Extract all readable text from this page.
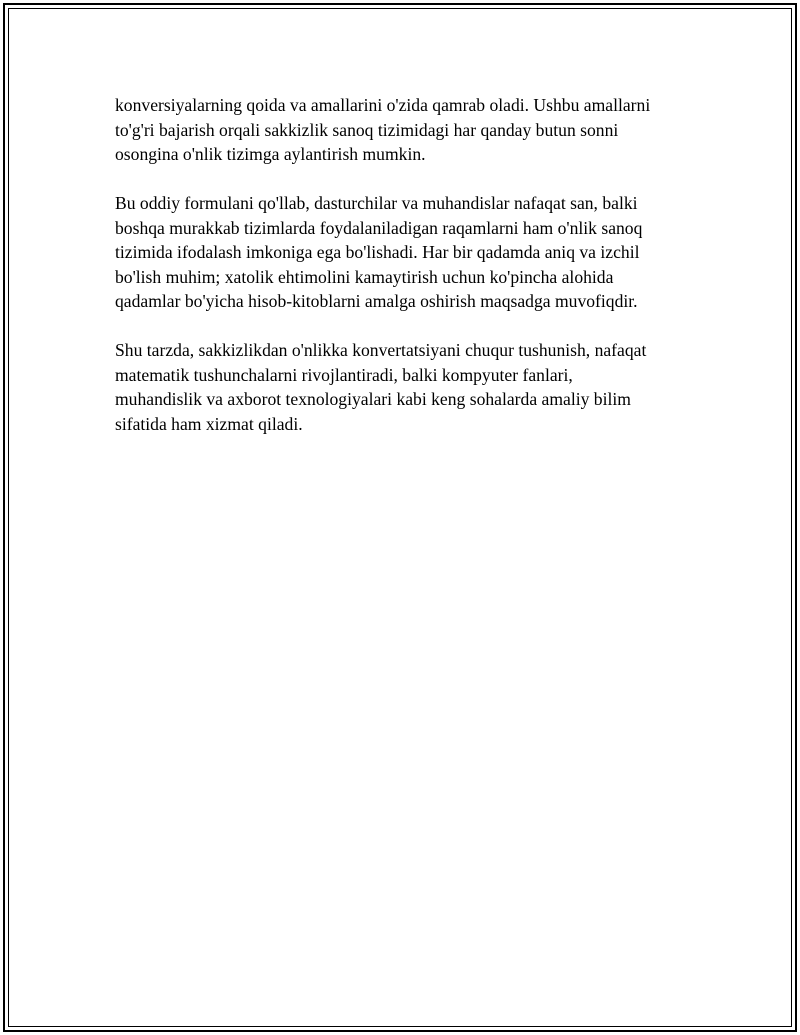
konversiyalarning qoida va amallarini o'zida qamrab oladi. Ushbu amallarni
to'g'ri bajarish orqali sakkizlik sanoq tizimidagi har qanday butun sonni
osongina o'nlik tizimga aylantirish mumkin.

Bu oddiy formulani qo'llab, dasturchilar va muhandislar nafaqat san, balki
boshqa murakkab tizimlarda foydalaniladigan raqamlarni ham o'nlik sanoq
tizimida ifodalash imkoniga ega bo'lishadi. Har bir qadamda aniq va izchil
bo'lish muhim; xatolik ehtimolini kamaytirish uchun ko'pincha alohida
qadamlar bo'yicha hisob-kitoblarni amalga oshirish maqsadga muvofiqdir.

Shu tarzda, sakkizlikdan o'nlikka konvertatsiyani chuqur tushunish, nafaqat
matematik tushunchalarni rivojlantiradi, balki kompyuter fanlari,
muhandislik va axborot texnologiyalari kabi keng sohalarda amaliy bilim
sifatida ham xizmat qiladi.
